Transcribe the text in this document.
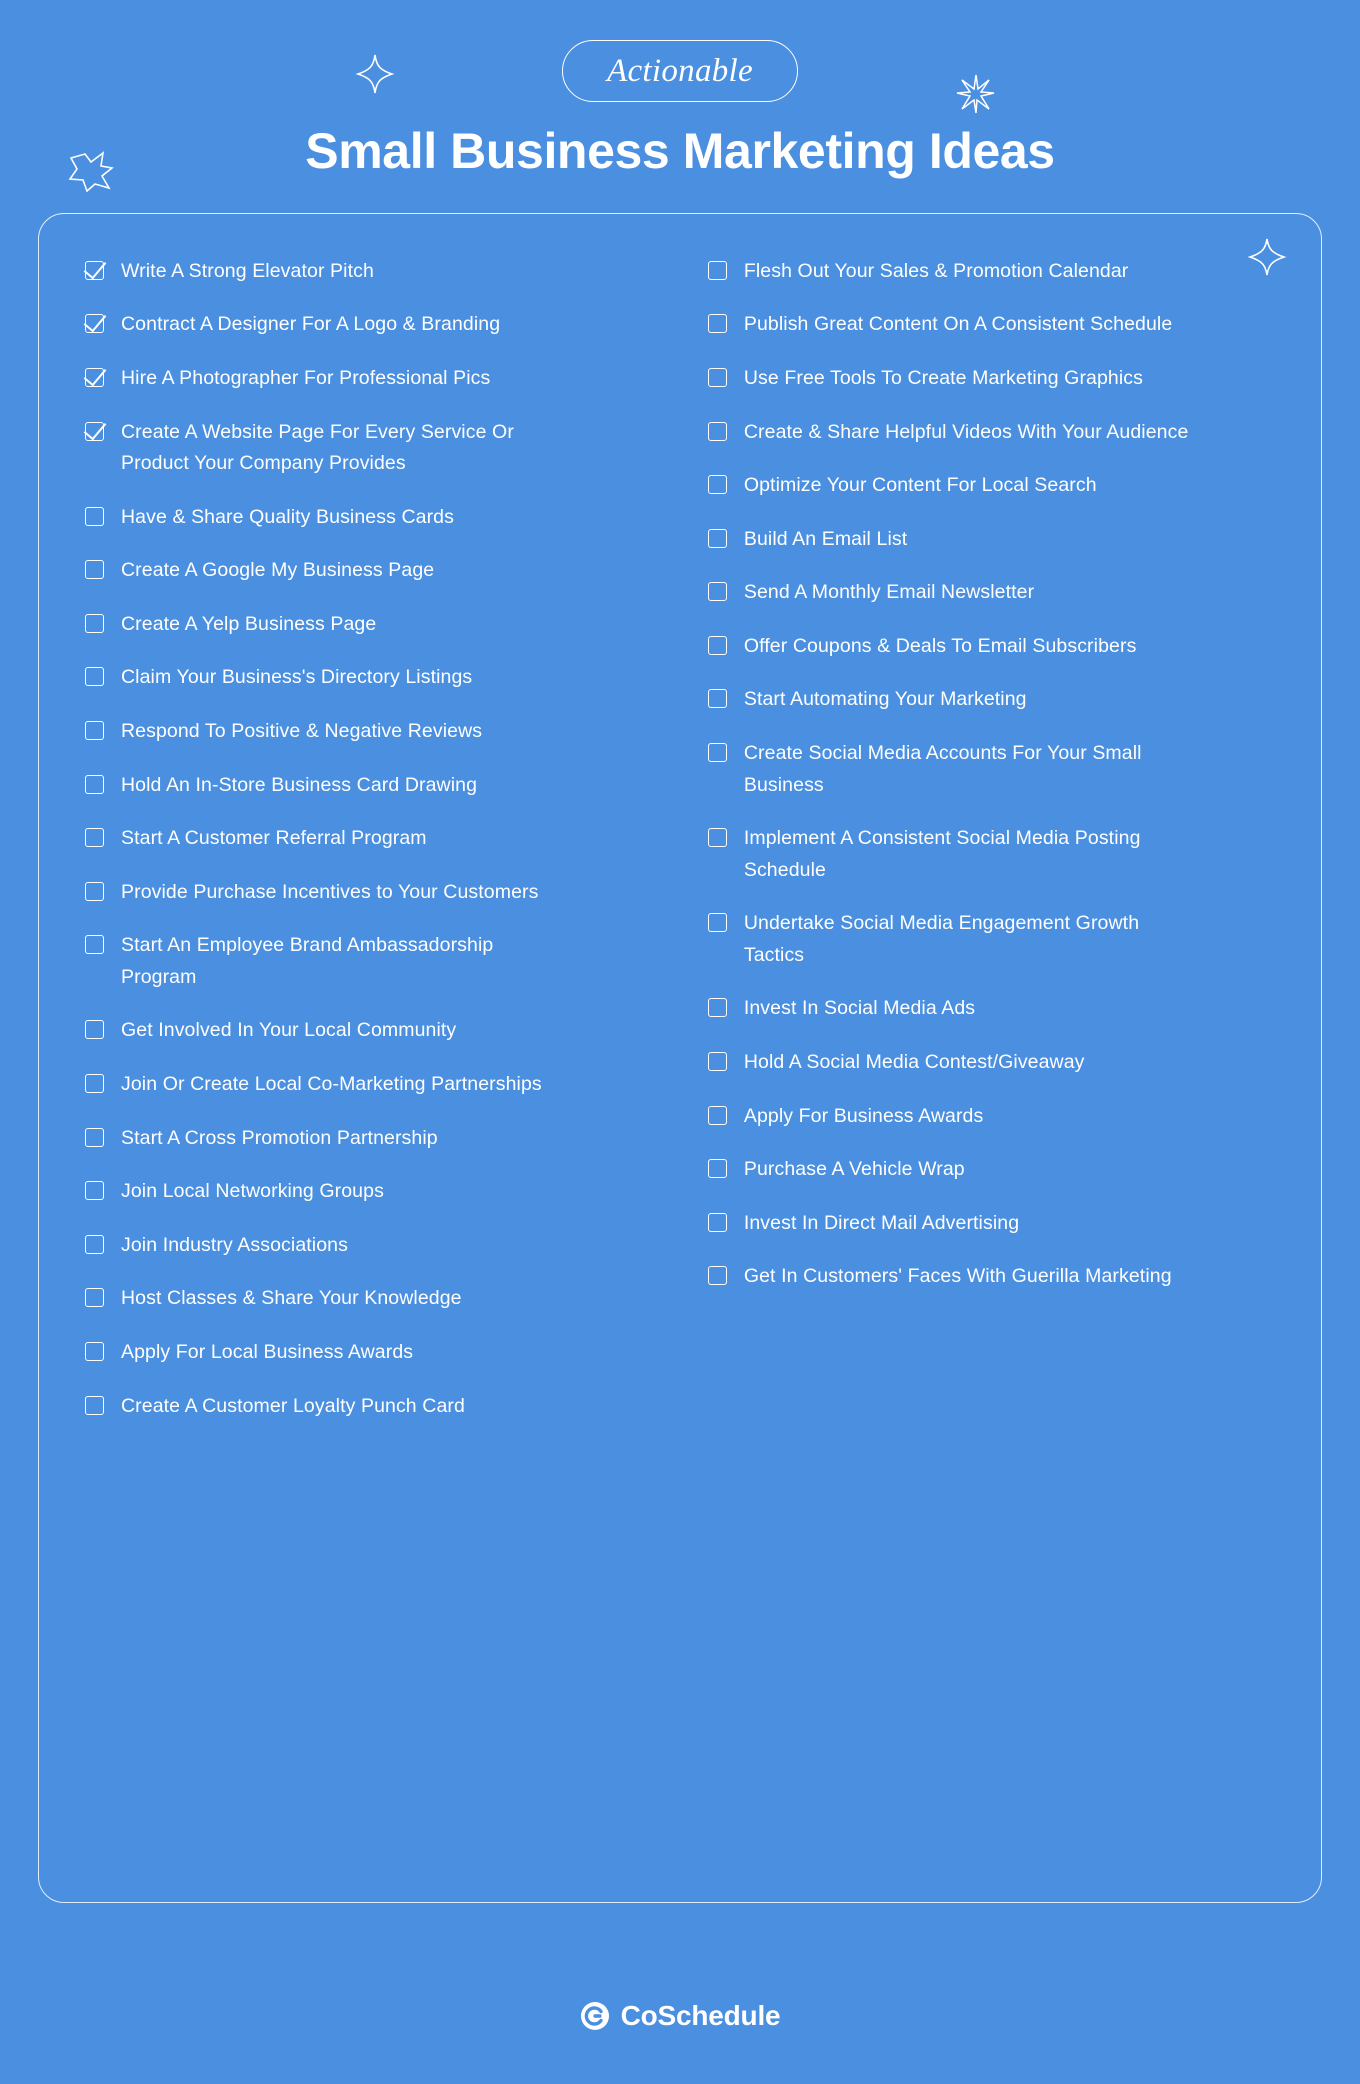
Actionable
Small Business Marketing Ideas
Write A Strong Elevator Pitch
Contract A Designer For A Logo & Branding
Hire A Photographer For Professional Pics
Create A Website Page For Every Service Or Product Your Company Provides
Have & Share Quality Business Cards
Create A Google My Business Page
Create A Yelp Business Page
Claim Your Business's Directory Listings
Respond To Positive & Negative Reviews
Hold An In-Store Business Card Drawing
Start A Customer Referral Program
Provide Purchase Incentives to Your Customers
Start An Employee Brand Ambassadorship Program
Get Involved In Your Local Community
Join Or Create Local Co-Marketing Partnerships
Start A Cross Promotion Partnership
Join Local Networking Groups
Join Industry Associations
Host Classes & Share Your Knowledge
Apply For Local Business Awards
Create A Customer Loyalty Punch Card
Flesh Out Your Sales & Promotion Calendar
Publish Great Content On A Consistent Schedule
Use Free Tools To Create Marketing Graphics
Create & Share Helpful Videos With Your Audience
Optimize Your Content For Local Search
Build An Email List
Send A Monthly Email Newsletter
Offer Coupons & Deals To Email Subscribers
Start Automating Your Marketing
Create Social Media Accounts For Your Small Business
Implement A Consistent Social Media Posting Schedule
Undertake Social Media Engagement Growth Tactics
Invest In Social Media Ads
Hold A Social Media Contest/Giveaway
Apply For Business Awards
Purchase A Vehicle Wrap
Invest In Direct Mail Advertising
Get In Customers' Faces With Guerilla Marketing
CoSchedule
